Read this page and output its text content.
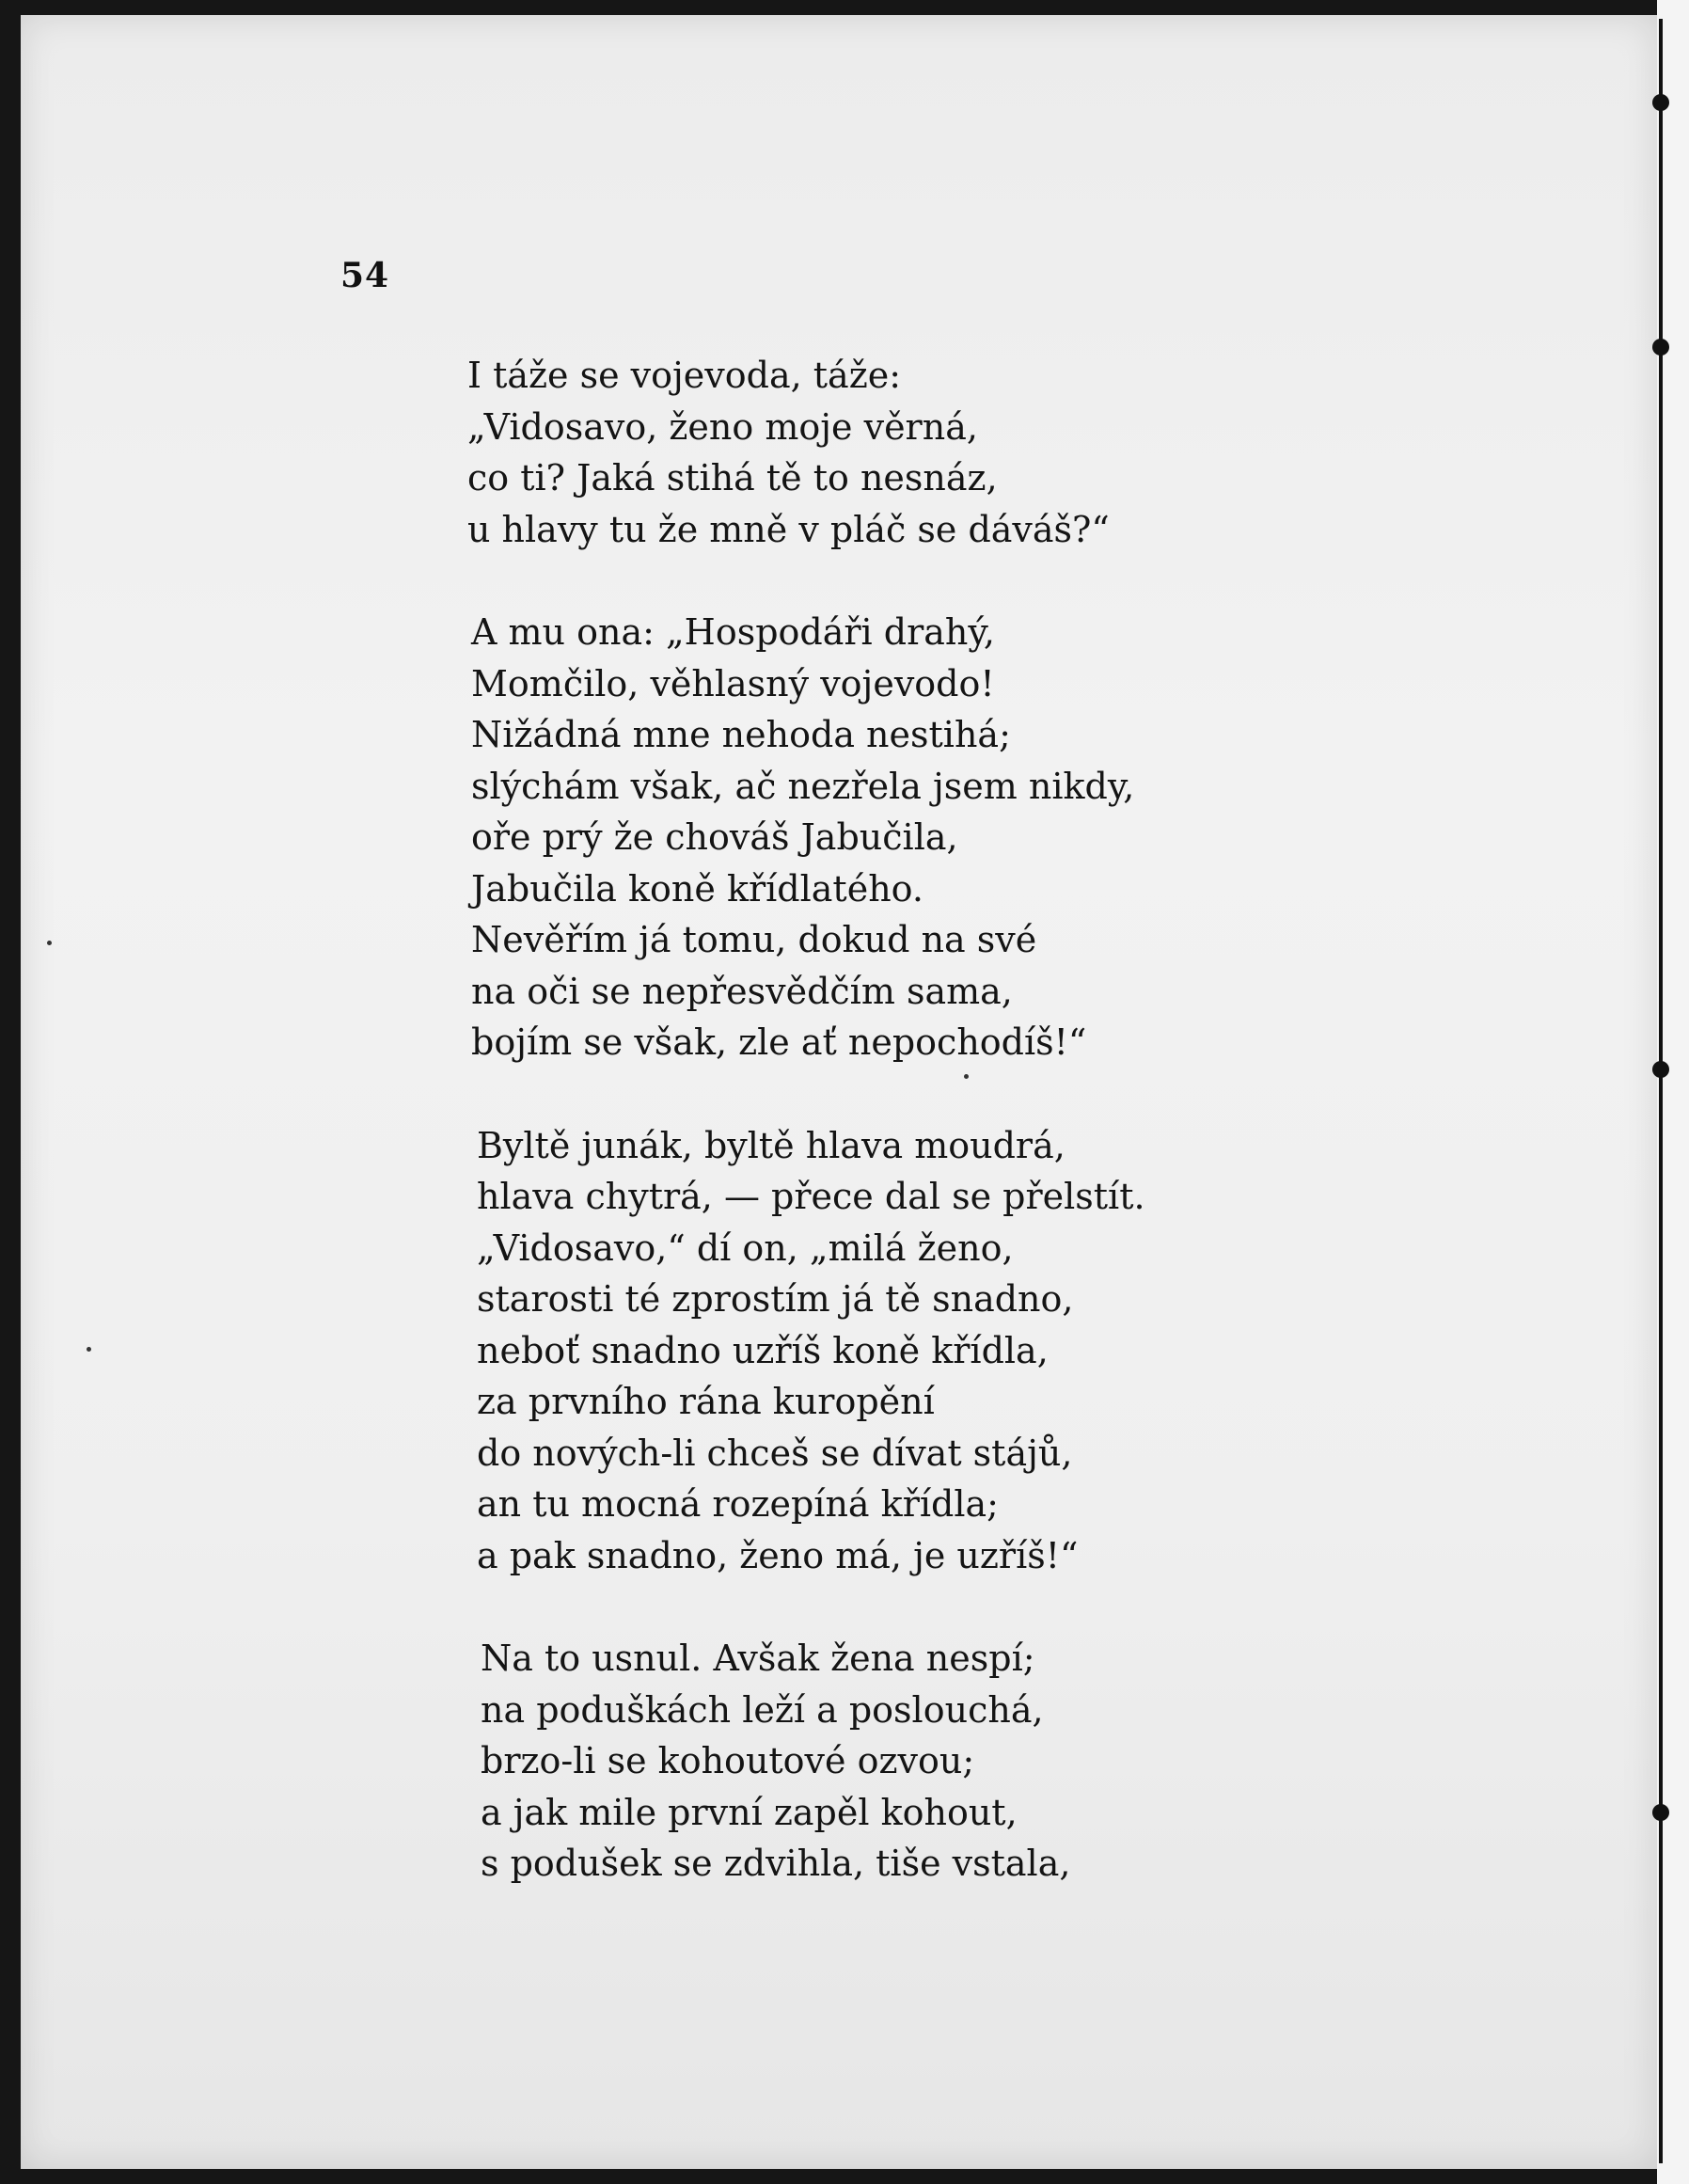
54
I táže se vojevoda, táže:
„Vidosavo, ženo moje věrná,
co ti? Jaká stihá tě to nesnáz,
u hlavy tu že mně v pláč se dáváš?“
A mu ona: „Hospodáři drahý,
Momčilo, věhlasný vojevodo!
Nižádná mne nehoda nestihá;
slýchám však, ač nezřela jsem nikdy,
oře prý že chováš Jabučila,
Jabučila koně křídlatého.
Nevěřím já tomu, dokud na své
na oči se nepřesvědčím sama,
bojím se však, zle ať nepochodíš!“
Byltě junák, byltě hlava moudrá,
hlava chytrá, — přece dal se přelstít.
„Vidosavo,“ dí on, „milá ženo,
starosti té zprostím já tě snadno,
neboť snadno uzříš koně křídla,
za prvního rána kuropění
do nových-li chceš se dívat stájů,
an tu mocná rozepíná křídla;
a pak snadno, ženo má, je uzříš!“
Na to usnul. Avšak žena nespí;
na poduškách leží a poslouchá,
brzo-li se kohoutové ozvou;
a jak mile první zapěl kohout,
s podušek se zdvihla, tiše vstala,
